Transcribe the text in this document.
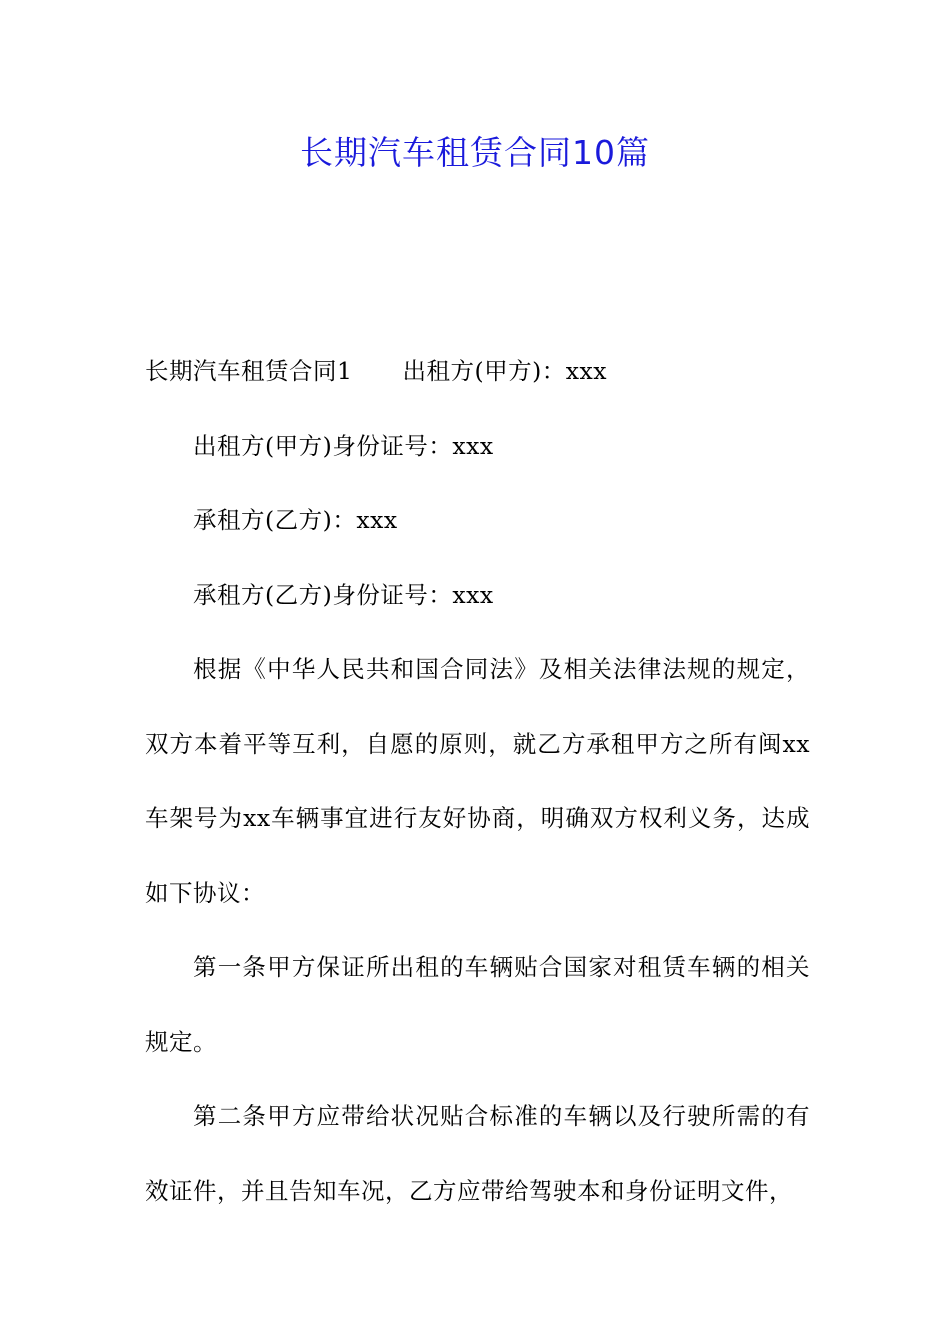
长期汽车租赁合同10篇

长期汽车租赁合同1 出租方(甲方)：xxx

出租方(甲方)身份证号：xxx

承租方(乙方)：xxx

承租方(乙方)身份证号：xxx

根据《中华人民共和国合同法》及相关法律法规的规定，双方本着平等互利，自愿的原则，就乙方承租甲方之所有闽xx车架号为xx车辆事宜进行友好协商，明确双方权利义务，达成如下协议：

第一条甲方保证所出租的车辆贴合国家对租赁车辆的相关规定。

第二条甲方应带给状况贴合标准的车辆以及行驶所需的有效证件，并且告知车况，乙方应带给驾驶本和身份证明文件，
